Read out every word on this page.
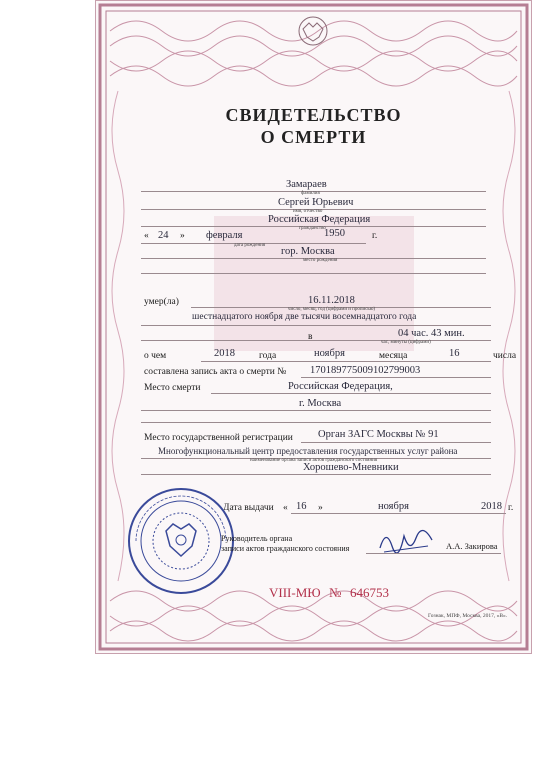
СВИДЕТЕЛЬСТВО
О СМЕРТИ
Замараев
фамилия
Сергей Юрьевич
имя, отчество
Российская Федерация
гражданство
« 24 » февраля	1950	г.
дата рождения
гор. Москва
место рождения
умер(ла)	16.11.2018
число, месяц, год (цифрами и прописью)
шестнадцатого ноября две тысячи восемнадцатого года
в	04 час. 43 мин.
час, минуты (цифрами)
о чем	2018	года	ноября	месяца	16	числа
составлена запись акта о смерти № 170189775009102799003
Место смерти	Российская Федерация,
г. Москва
Место государственной регистрации Орган ЗАГС Москвы № 91
Многофункциональный центр предоставления государственных услуг района
наименование органа записи актов гражданского состояния
Хорошево-Мневники
Дата выдачи « 16 »	ноября	2018 г.
Руководитель органа
записи актов гражданского состояния	А.А. Закирова
VIII-МЮ № 646753
Гознак, МПФ, Москва, 2017, «В».
